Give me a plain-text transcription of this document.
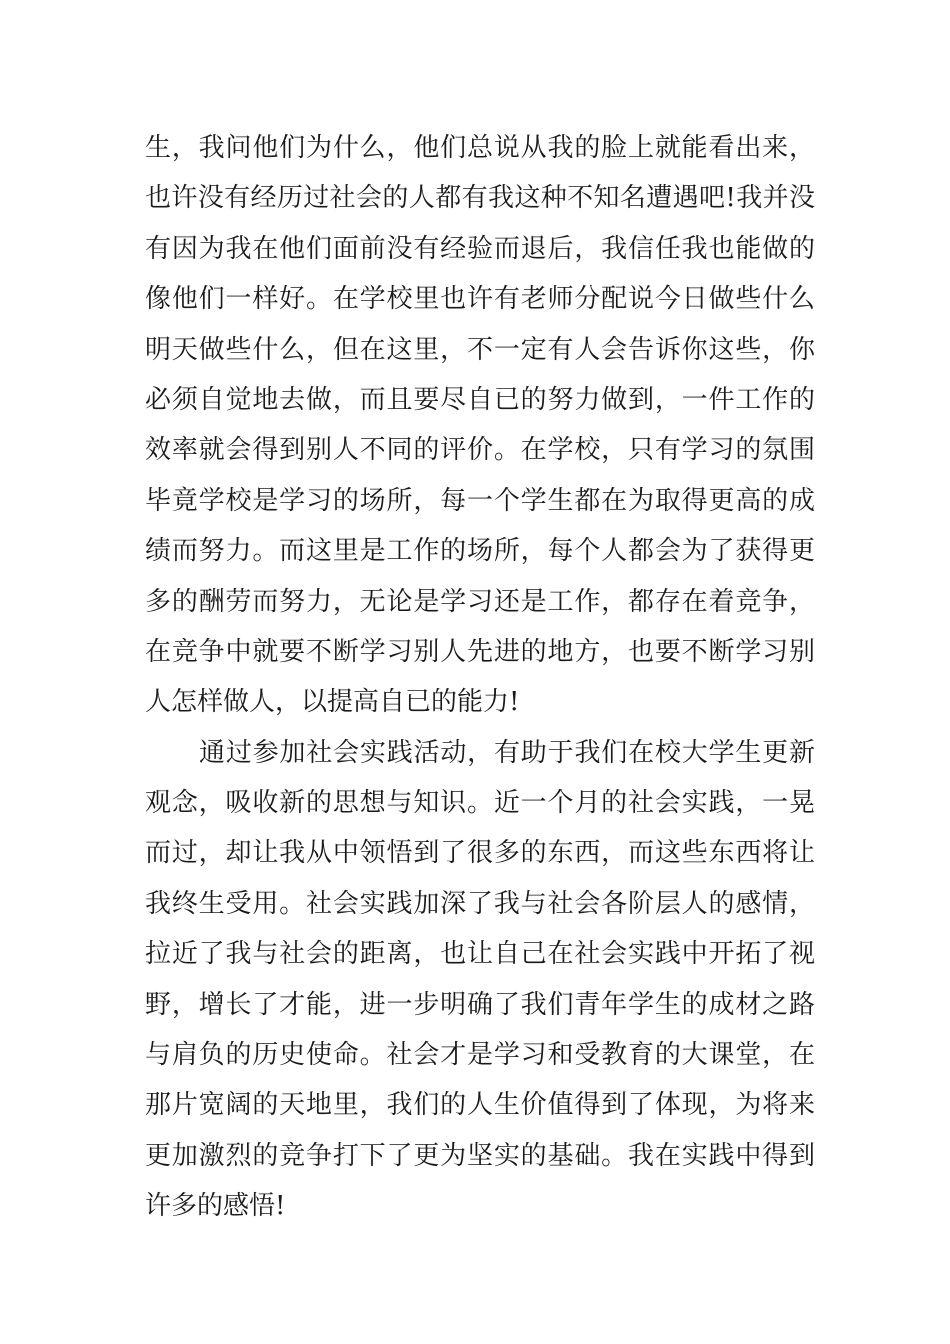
生，我问他们为什么，他们总说从我的脸上就能看出来，
也许没有经历过社会的人都有我这种不知名遭遇吧!我并没
有因为我在他们面前没有经验而退后，我信任我也能做的
像他们一样好。在学校里也许有老师分配说今日做些什么
明天做些什么，但在这里，不一定有人会告诉你这些，你
必须自觉地去做，而且要尽自已的努力做到，一件工作的
效率就会得到别人不同的评价。在学校，只有学习的氛围
毕竟学校是学习的场所，每一个学生都在为取得更高的成
绩而努力。而这里是工作的场所，每个人都会为了获得更
多的酬劳而努力，无论是学习还是工作，都存在着竞争，
在竞争中就要不断学习别人先进的地方，也要不断学习别
人怎样做人，以提高自已的能力!
通过参加社会实践活动，有助于我们在校大学生更新
观念，吸收新的思想与知识。近一个月的社会实践，一晃
而过，却让我从中领悟到了很多的东西，而这些东西将让
我终生受用。社会实践加深了我与社会各阶层人的感情，
拉近了我与社会的距离，也让自己在社会实践中开拓了视
野，增长了才能，进一步明确了我们青年学生的成材之路
与肩负的历史使命。社会才是学习和受教育的大课堂，在
那片宽阔的天地里，我们的人生价值得到了体现，为将来
更加激烈的竞争打下了更为坚实的基础。我在实践中得到
许多的感悟!
